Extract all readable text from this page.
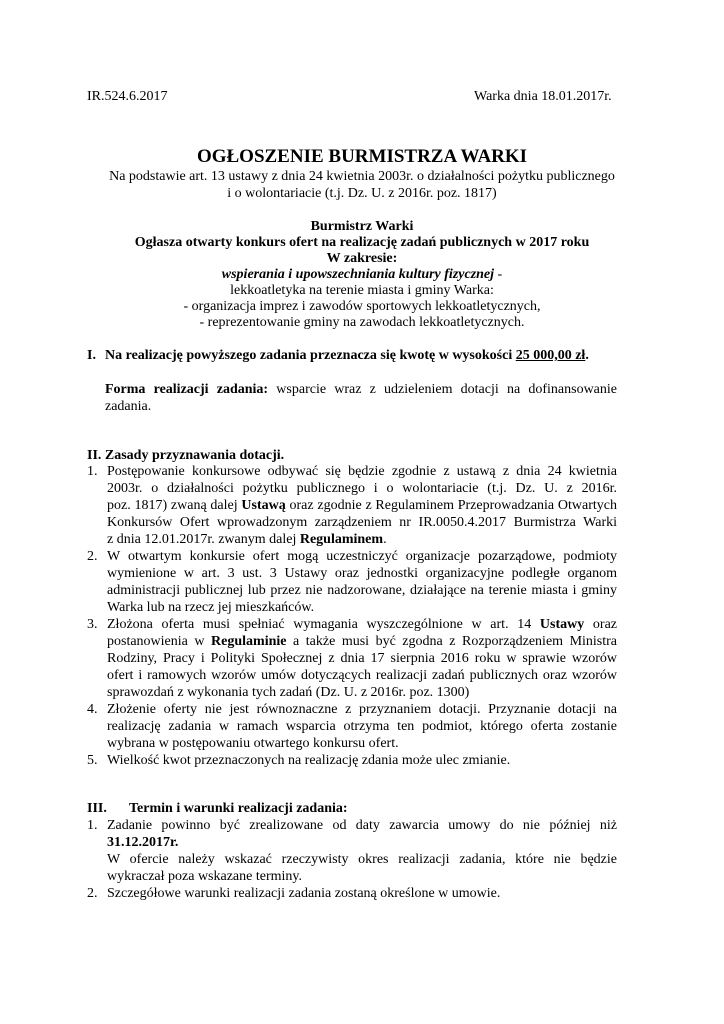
IR.524.6.2017	Warka dnia 18.01.2017r.
OGŁOSZENIE BURMISTRZA WARKI
Na podstawie art. 13 ustawy z dnia 24 kwietnia 2003r. o działalności pożytku publicznego
i o wolontariacie (t.j. Dz. U. z 2016r. poz. 1817)
Burmistrz Warki
Ogłasza otwarty konkurs ofert na realizację zadań publicznych w 2017 roku
W zakresie:
wspierania i upowszechniania kultury fizycznej -
lekkoatletyka na terenie miasta i gminy Warka:
- organizacja imprez i zawodów sportowych lekkoatletycznych,
- reprezentowanie gminy na zawodach lekkoatletycznych.
I. Na realizację powyższego zadania przeznacza się kwotę w wysokości 25 000,00 zł.
Forma realizacji zadania: wsparcie wraz z udzieleniem dotacji na dofinansowanie
zadania.
II. Zasady przyznawania dotacji.
1. Postępowanie konkursowe odbywać się będzie zgodnie z ustawą z dnia 24 kwietnia
2003r. o działalności pożytku publicznego i o wolontariacie (t.j. Dz. U. z 2016r.
poz. 1817) zwaną dalej Ustawą oraz zgodnie z Regulaminem Przeprowadzania Otwartych
Konkursów Ofert wprowadzonym zarządzeniem nr IR.0050.4.2017 Burmistrza Warki
z dnia 12.01.2017r. zwanym dalej Regulaminem.
2. W otwartym konkursie ofert mogą uczestniczyć organizacje pozarządowe, podmioty
wymienione w art. 3 ust. 3 Ustawy oraz jednostki organizacyjne podległe organom
administracji publicznej lub przez nie nadzorowane, działające na terenie miasta i gminy
Warka lub na rzecz jej mieszkańców.
3. Złożona oferta musi spełniać wymagania wyszczególnione w art. 14 Ustawy oraz
postanowienia w Regulaminie a także musi być zgodna z Rozporządzeniem Ministra
Rodziny, Pracy i Polityki Społecznej z dnia 17 sierpnia 2016 roku w sprawie wzorów
ofert i ramowych wzorów umów dotyczących realizacji zadań publicznych oraz wzorów
sprawozdań z wykonania tych zadań (Dz. U. z 2016r. poz. 1300)
4. Złożenie oferty nie jest równoznaczne z przyznaniem dotacji. Przyznanie dotacji na
realizację zadania w ramach wsparcia otrzyma ten podmiot, którego oferta zostanie
wybrana w postępowaniu otwartego konkursu ofert.
5. Wielkość kwot przeznaczonych na realizację zdania może ulec zmianie.
III. Termin i warunki realizacji zadania:
1. Zadanie powinno być zrealizowane od daty zawarcia umowy do nie później niż
31.12.2017r.
W ofercie należy wskazać rzeczywisty okres realizacji zadania, które nie będzie
wykraczał poza wskazane terminy.
2. Szczegółowe warunki realizacji zadania zostaną określone w umowie.
